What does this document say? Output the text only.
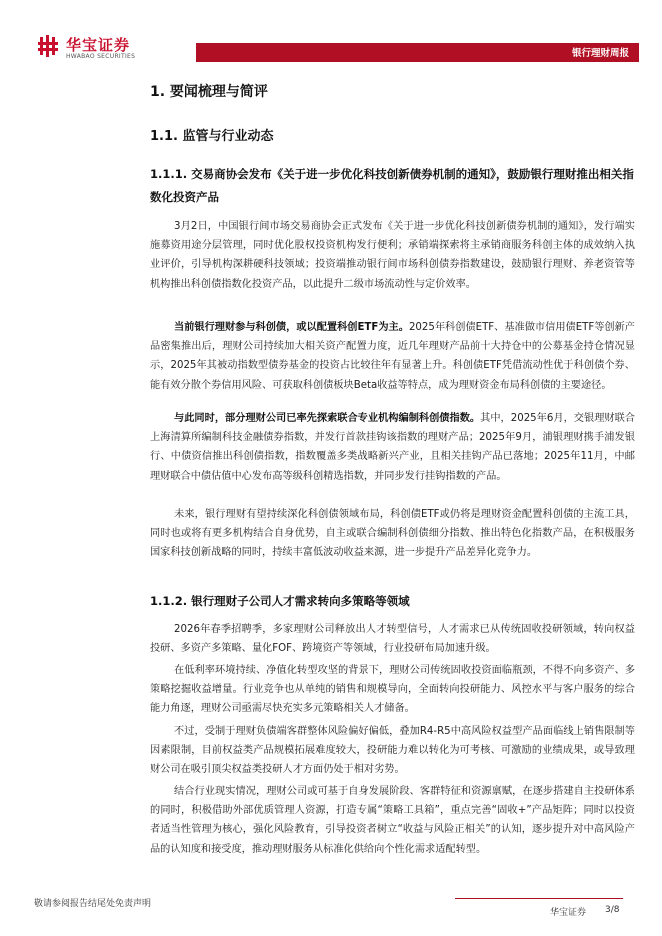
华宝证券
HWABAO SECURITIES	银行理财周报
1. 要闻梳理与简评
1.1. 监管与行业动态
1.1.1. 交易商协会发布《关于进一步优化科技创新债券机制的通知》，鼓励银行理财推出相关指数化投资产品
3月2日，中国银行间市场交易商协会正式发布《关于进一步优化科技创新债券机制的通知》，发行端实施募资用途分层管理，同时优化股权投资机构发行便利；承销端探索将主承销商服务科创主体的成效纳入执业评价，引导机构深耕硬科技领域；投资端推动银行间市场科创债券指数建设，鼓励银行理财、养老资管等机构推出科创债指数化投资产品，以此提升二级市场流动性与定价效率。
当前银行理财参与科创债，或以配置科创ETF为主。2025年科创债ETF、基准做市信用债ETF等创新产品密集推出后，理财公司持续加大相关资产配置力度，近几年理财产品前十大持仓中的公募基金持仓情况显示，2025年其被动指数型债券基金的投资占比较往年有显著上升。科创债ETF凭借流动性优于科创债个券、能有效分散个券信用风险、可获取科创债板块Beta收益等特点，成为理财资金布局科创债的主要途径。
与此同时，部分理财公司已率先探索联合专业机构编制科创债指数。其中，2025年6月，交银理财联合上海清算所编制科技金融债券指数，并发行首款挂钩该指数的理财产品；2025年9月，浦银理财携手浦发银行、中债资信推出科创债指数，指数覆盖多类战略新兴产业，且相关挂钩产品已落地；2025年11月，中邮理财联合中债估值中心发布高等级科创精选指数，并同步发行挂钩指数的产品。
未来，银行理财有望持续深化科创债领域布局，科创债ETF或仍将是理财资金配置科创债的主流工具，同时也或将有更多机构结合自身优势，自主或联合编制科创债细分指数、推出特色化指数产品，在积极服务国家科技创新战略的同时，持续丰富低波动收益来源，进一步提升产品差异化竞争力。
1.1.2. 银行理财子公司人才需求转向多策略等领域
2026年春季招聘季，多家理财公司释放出人才转型信号，人才需求已从传统固收投研领域，转向权益投研、多资产多策略、量化FOF、跨境资产等领域，行业投研布局加速升级。
在低利率环境持续、净值化转型攻坚的背景下，理财公司传统固收投资面临瓶颈，不得不向多资产、多策略挖掘收益增量。行业竞争也从单纯的销售和规模导向，全面转向投研能力、风控水平与客户服务的综合能力角逐，理财公司亟需尽快充实多元策略相关人才储备。
不过，受制于理财负债端客群整体风险偏好偏低，叠加R4-R5中高风险权益型产品面临线上销售限制等因素限制，目前权益类产品规模拓展难度较大，投研能力难以转化为可考核、可激励的业绩成果，或导致理财公司在吸引顶尖权益类投研人才方面仍处于相对劣势。
结合行业现实情况，理财公司或可基于自身发展阶段、客群特征和资源禀赋，在逐步搭建自主投研体系的同时，积极借助外部优质管理人资源，打造专属“策略工具箱”，重点完善“固收+”产品矩阵；同时以投资者适当性管理为核心，强化风险教育，引导投资者树立“收益与风险正相关”的认知，逐步提升对中高风险产品的认知度和接受度，推动理财服务从标准化供给向个性化需求适配转型。
敬请参阅报告结尾处免责声明
华宝证券 3/8
